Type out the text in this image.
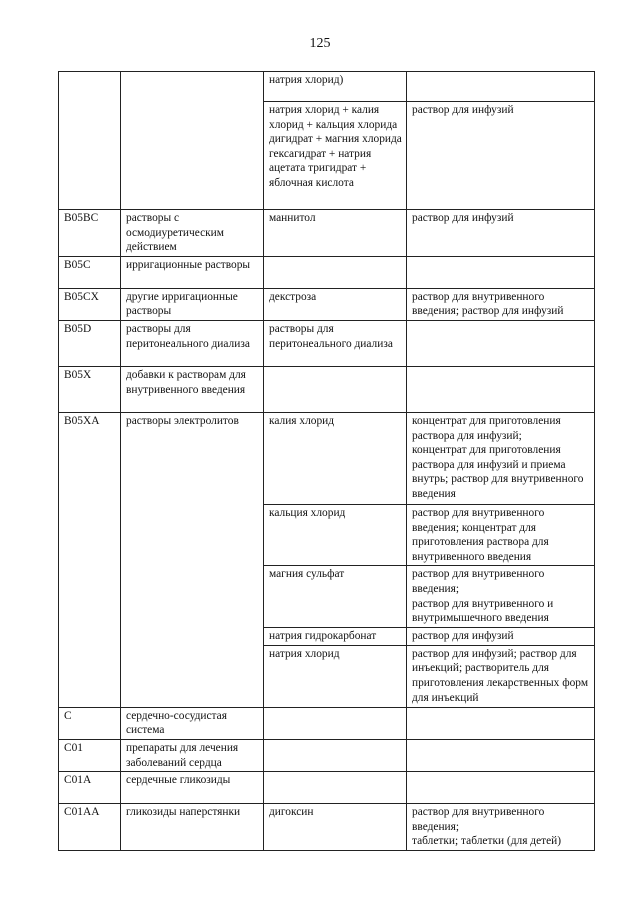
125
		натрия хлорид)	
		натрия хлорид + калия хлорид + кальция хлорида дигидрат + магния хлорида гексагидрат + натрия ацетата тригидрат + яблочная кислота	раствор для инфузий
B05BC	растворы с осмодиуретическим действием	маннитол	раствор для инфузий
B05C	ирригационные растворы		
B05CX	другие ирригационные растворы	декстроза	раствор для внутривенного введения; раствор для инфузий
B05D	растворы для перитонеального диализа	растворы для перитонеального диализа	
B05X	добавки к растворам для внутривенного введения		
B05XA	растворы электролитов	калия хлорид	концентрат для приготовления раствора для инфузий;
концентрат для приготовления раствора для инфузий и приема внутрь; раствор для внутривенного введения
		кальция хлорид	раствор для внутривенного введения; концентрат для приготовления раствора для внутривенного введения
		магния сульфат	раствор для внутривенного введения;
раствор для внутривенного и внутримышечного введения
		натрия гидрокарбонат	раствор для инфузий
		натрия хлорид	раствор для инфузий; раствор для инъекций; растворитель для приготовления лекарственных форм для инъекций
C	сердечно-сосудистая система		
C01	препараты для лечения заболеваний сердца		
C01A	сердечные гликозиды		
C01AA	гликозиды наперстянки	дигоксин	раствор для внутривенного введения;
таблетки; таблетки (для детей)
